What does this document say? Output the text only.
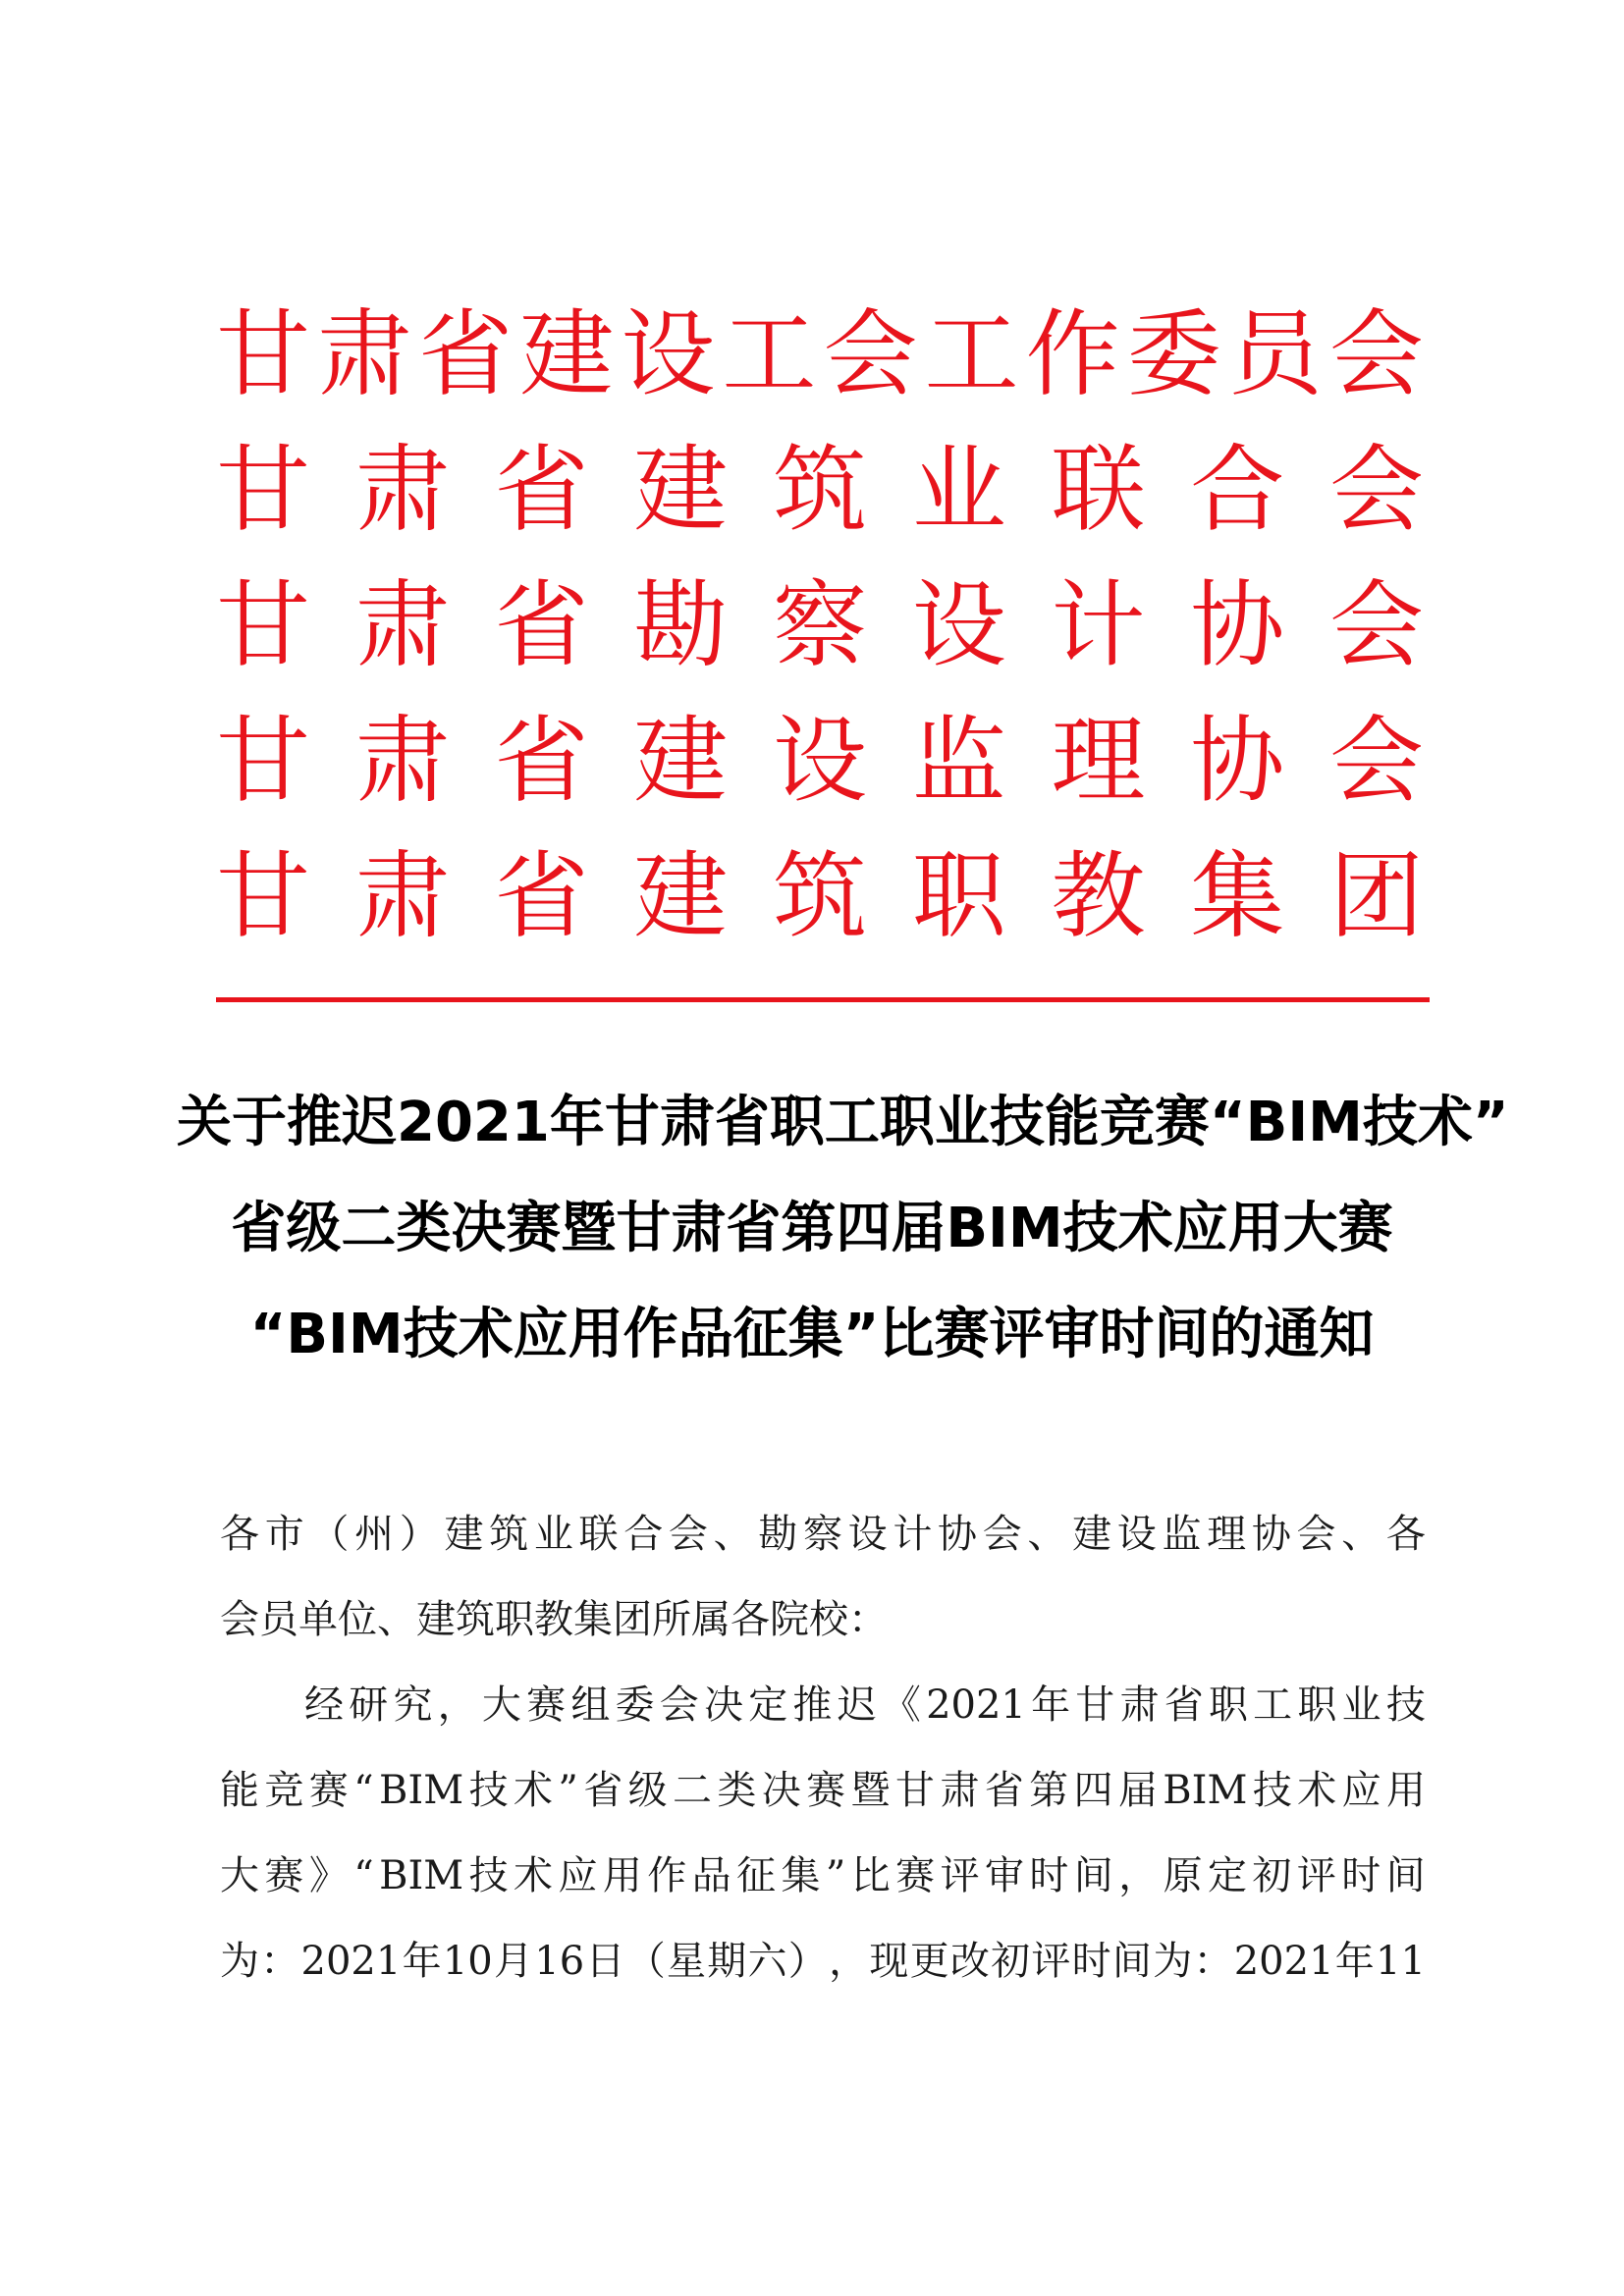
甘 肃 省 建 设 工 会 工 作 委 员 会
甘 肃 省 建 筑 业 联 合 会
甘 肃 省 勘 察 设 计 协 会
甘 肃 省 建 设 监 理 协 会
甘 肃 省 建 筑 职 教 集 团
关于推迟2021年甘肃省职工职业技能竞赛“BIM技术”
省级二类决赛暨甘肃省第四届BIM技术应用大赛
“BIM技术应用作品征集”比赛评审时间的通知
各 市 （ 州 ） 建 筑 业 联 合 会 、 勘 察 设 计 协 会 、 建 设 监 理 协 会 、 各
会员单位、建筑职教集团所属各院校：
经 研 究 ， 大 赛 组 委 会 决 定 推 迟 《 2021 年 甘 肃 省 职 工 职 业 技
能 竞 赛 “ BIM 技 术 ” 省 级 二 类 决 赛 暨 甘 肃 省 第 四 届 BIM 技 术 应 用
大 赛 》 “ BIM 技 术 应 用 作 品 征 集 ” 比 赛 评 审 时 间 ， 原 定 初 评 时 间
为 ： 2021 年 10 月 16 日 （ 星 期 六 ） ， 现 更 改 初 评 时 间 为 ： 2021 年 11
